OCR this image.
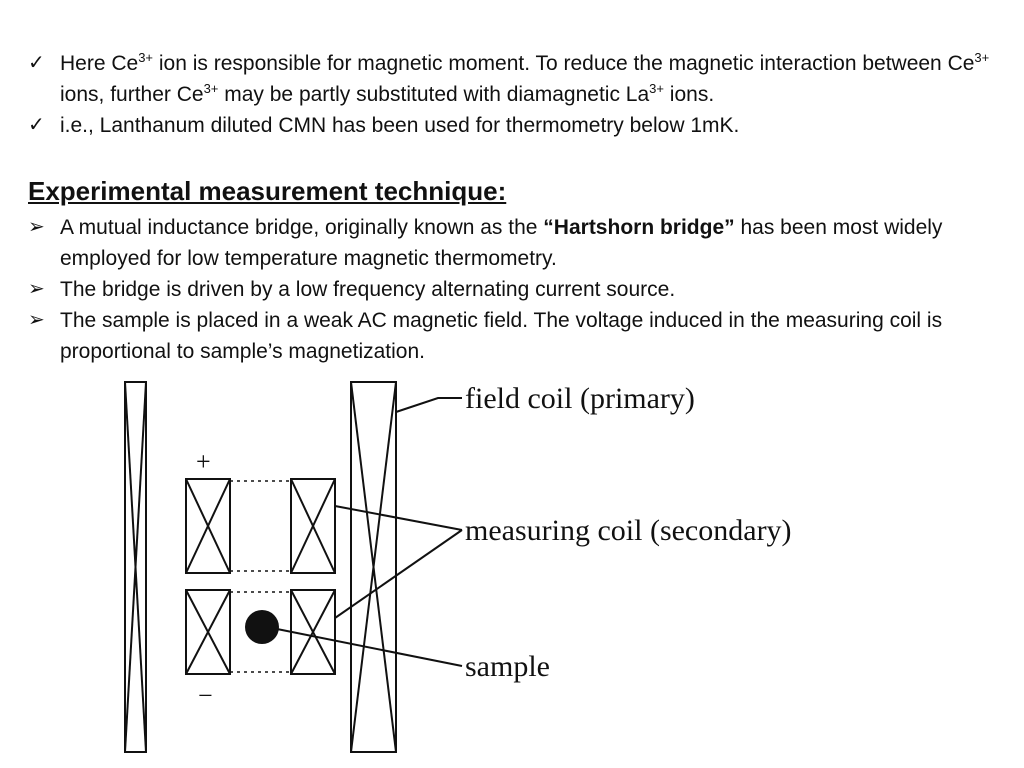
✓ Here $Ce^{3+}$ ion is responsible for magnetic moment. To reduce the magnetic interaction between $Ce^{3+}$ ions, further $Ce^{3+}$ may be partly substituted with diamagnetic $La^{3+}$ ions.
✓ i.e., Lanthanum diluted CMN has been used for thermometry below 1mK.
Experimental measurement technique:
➢ A mutual inductance bridge, originally known as the “Hartshorn bridge” has been most widely employed for low temperature magnetic thermometry.
➢ The bridge is driven by a low frequency alternating current source.
➢ The sample is placed in a weak AC magnetic field. The voltage induced in the measuring coil is proportional to sample’s magnetization.
+
−
field coil (primary)
measuring coil (secondary)
sample
